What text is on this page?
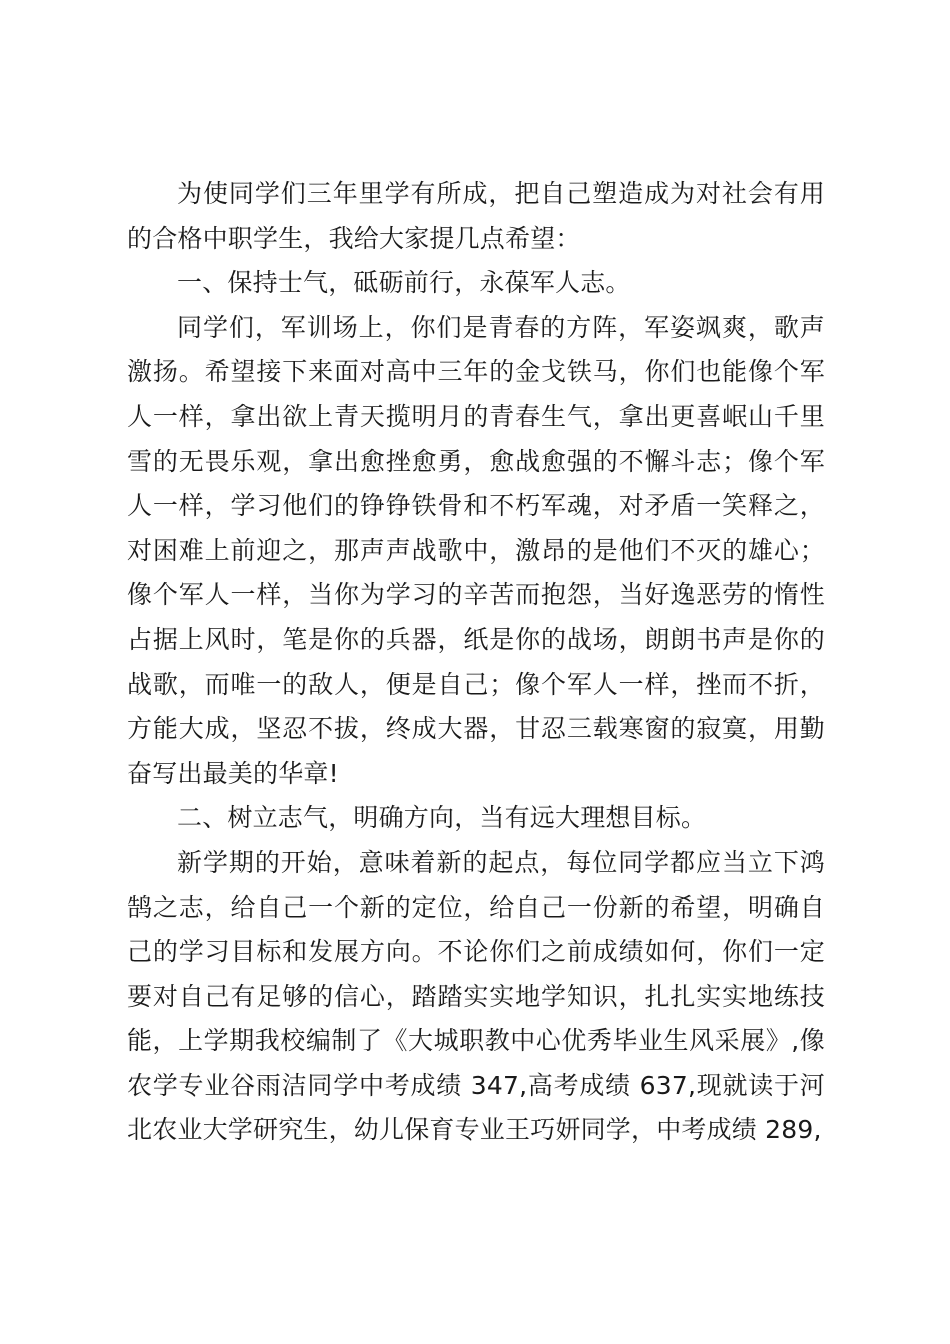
为使同学们三年里学有所成，把自己塑造成为对社会有用的合格中职学生，我给大家提几点希望：

一、保持士气，砥砺前行，永葆军人志。

同学们，军训场上，你们是青春的方阵，军姿飒爽，歌声激扬。希望接下来面对高中三年的金戈铁马，你们也能像个军人一样，拿出欲上青天揽明月的青春生气，拿出更喜岷山千里雪的无畏乐观，拿出愈挫愈勇，愈战愈强的不懈斗志；像个军人一样，学习他们的铮铮铁骨和不朽军魂，对矛盾一笑释之，对困难上前迎之，那声声战歌中，激昂的是他们不灭的雄心；像个军人一样，当你为学习的辛苦而抱怨，当好逸恶劳的惰性占据上风时，笔是你的兵器，纸是你的战场，朗朗书声是你的战歌，而唯一的敌人，便是自己；像个军人一样，挫而不折，方能大成，坚忍不拔，终成大器，甘忍三载寒窗的寂寞，用勤奋写出最美的华章!

二、树立志气，明确方向，当有远大理想目标。

新学期的开始，意味着新的起点，每位同学都应当立下鸿鹄之志，给自己一个新的定位，给自己一份新的希望，明确自己的学习目标和发展方向。不论你们之前成绩如何，你们一定要对自己有足够的信心，踏踏实实地学知识，扎扎实实地练技能，上学期我校编制了《大城职教中心优秀毕业生风采展》,像农学专业谷雨洁同学中考成绩 347,高考成绩 637,现就读于河北农业大学研究生，幼儿保育专业王巧妍同学，中考成绩 289,
